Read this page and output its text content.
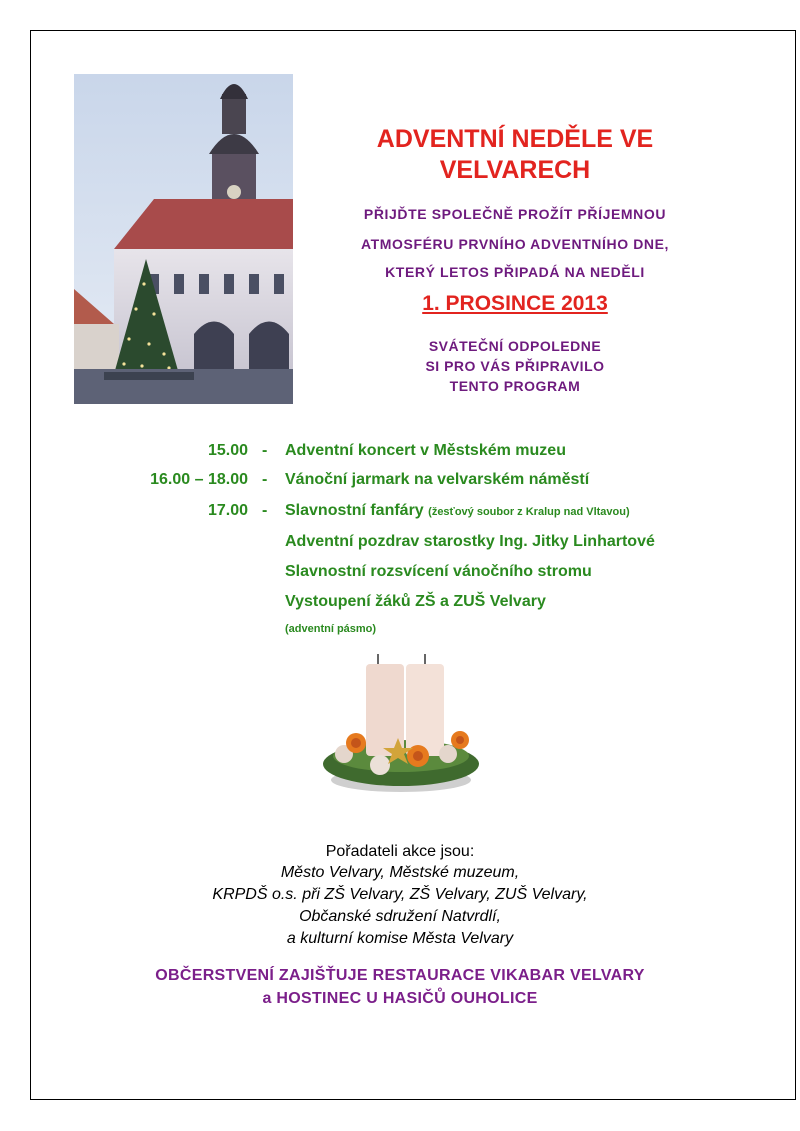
ADVENTNÍ NEDĚLE VE
VELVARECH
PŘIJĎTE SPOLEČNĚ PROŽÍT PŘÍJEMNOU
ATMOSFÉRU PRVNÍHO ADVENTNÍHO DNE,
KTERÝ LETOS PŘIPADÁ NA NEDĚLI
1. PROSINCE 2013
SVÁTEČNÍ ODPOLEDNE
SI PRO VÁS PŘIPRAVILO
TENTO PROGRAM
15.00 - Adventní koncert v Městském muzeu
16.00 – 18.00 - Vánoční jarmark na velvarském náměstí
17.00 - Slavnostní fanfáry (žesťový soubor z Kralup nad Vltavou)
Adventní pozdrav starostky Ing. Jitky Linhartové
Slavnostní rozsvícení vánočního stromu
Vystoupení žáků ZŠ a ZUŠ Velvary
(adventní pásmo)
Pořadateli akce jsou:
Město Velvary, Městské muzeum,
KRPDŠ o.s. při ZŠ Velvary, ZŠ Velvary, ZUŠ Velvary,
Občanské sdružení Natvrdlí,
a kulturní komise Města Velvary
OBČERSTVENÍ ZAJIŠŤUJE RESTAURACE VIKABAR VELVARY
a HOSTINEC U HASIČŮ OUHOLICE
